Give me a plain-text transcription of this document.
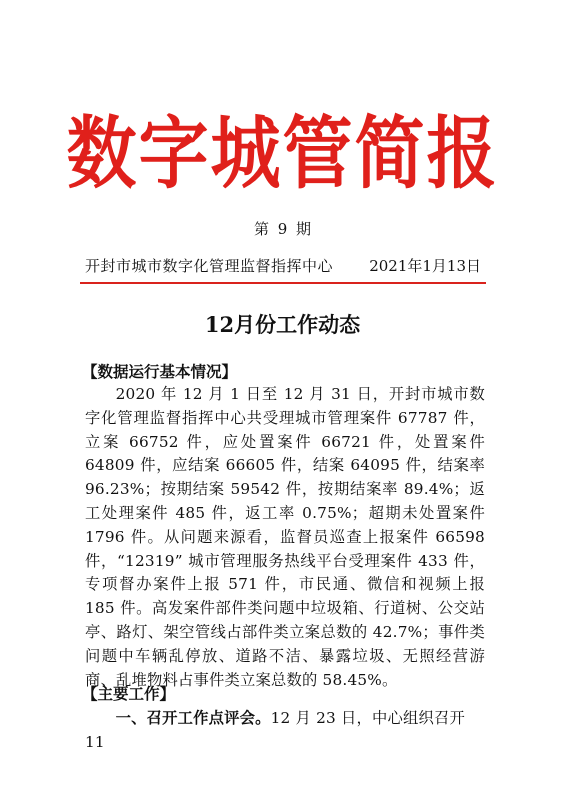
数字城管简报
第 9 期
开封市城市数字化管理监督指挥中心 2021年1月13日
12月份工作动态
【数据运行基本情况】

2020 年 12 月 1 日至 12 月 31 日，开封市城市数字化管理监督指挥中心共受理城市管理案件 67787 件，立案 66752 件，应处置案件 66721 件，处置案件 64809 件，应结案 66605 件，结案 64095 件，结案率 96.23%；按期结案 59542 件，按期结案率 89.4%；返工处理案件 485 件，返工率 0.75%；超期未处置案件 1796 件。从问题来源看，监督员巡查上报案件 66598 件，“12319” 城市管理服务热线平台受理案件 433 件，专项督办案件上报 571 件，市民通、微信和视频上报 185 件。高发案件部件类问题中垃圾箱、行道树、公交站亭、路灯、架空管线占部件类立案总数的 42.7%；事件类问题中车辆乱停放、道路不洁、暴露垃圾、无照经营游商、乱堆物料占事件类立案总数的 58.45%。

【主要工作】

一、召开工作点评会。12 月 23 日，中心组织召开 11
